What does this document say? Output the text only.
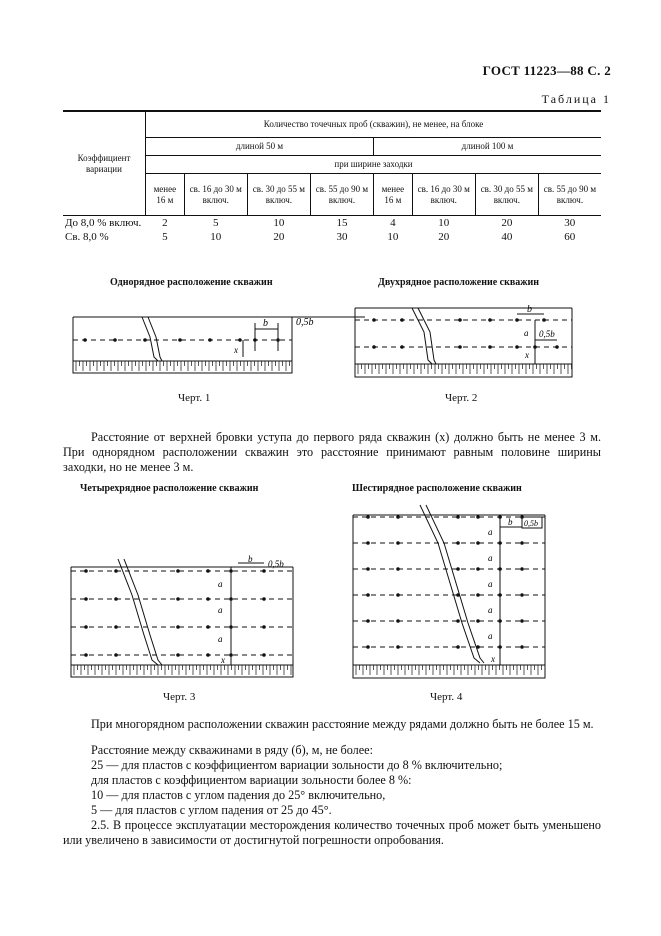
ГОСТ 11223—88 С. 2
Таблица 1
Коэффициент вариации	Количество точечных проб (скважин), не менее, на блоке							
	длиной 50 м				длиной 100 м			
	при ширине заходки							
	менее 16 м	св. 16 до 30 м включ.	св. 30 до 55 м включ.	св. 55 до 90 м включ.	менее 16 м	св. 16 до 30 м включ.	св. 30 до 55 м включ.	св. 55 до 90 м включ.
До 8,0 % включ.	2	5	10	15	4	10	20	30
Св. 8,0 %	5	10	20	30	10	20	40	60
Однорядное расположение скважин
b	0,5b
x
Черт. 1
Двухрядное расположение скважин
b
0,5b
a
x
Черт. 2
Расстояние от верхней бровки уступа до первого ряда скважин (x) должно быть не менее 3 м. При однорядном расположении скважин это расстояние принимают равным половине ширины заходки, но не менее 3 м.
Четырехрядное расположение скважин
a
a
a
x
b 0,5b
Черт. 3
Шестирядное расположение скважин
a
a
a
a
a
x
b 0,5b
Черт. 4
При многорядном расположении скважин расстояние между рядами должно быть не более 15 м.
Расстояние между скважинами в ряду (б), м, не более:
25 — для пластов с коэффициентом вариации зольности до 8 % включительно;
для пластов с коэффициентом вариации зольности более 8 %:
10 — для пластов с углом падения до 25° включительно,
5 — для пластов с углом падения от 25 до 45°.
2.5. В процессе эксплуатации месторождения количество точечных проб может быть уменьшено или увеличено в зависимости от достигнутой погрешности опробования.
